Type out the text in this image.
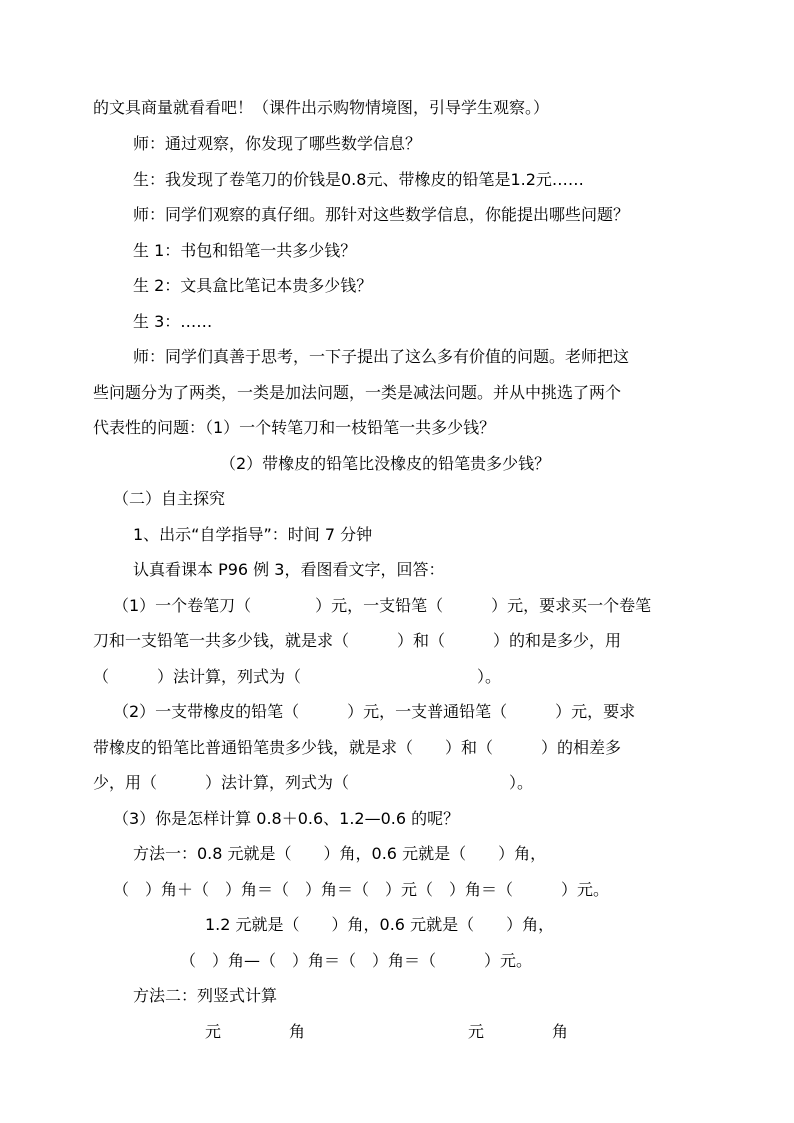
的文具商量就看看吧！（课件出示购物情境图，引导学生观察。）
师：通过观察，你发现了哪些数学信息？
生：我发现了卷笔刀的价钱是0.8元、带橡皮的铅笔是1.2元……
师：同学们观察的真仔细。那针对这些数学信息，你能提出哪些问题？
生 1：书包和铅笔一共多少钱？
生 2：文具盒比笔记本贵多少钱？
生 3：……
师：同学们真善于思考，一下子提出了这么多有价值的问题。老师把这
些问题分为了两类，一类是加法问题，一类是减法问题。并从中挑选了两个
代表性的问题：（1）一个转笔刀和一枝铅笔一共多少钱？
（2）带橡皮的铅笔比没橡皮的铅笔贵多少钱？
（二）自主探究
1、出示“自学指导”：时间 7 分钟
认真看课本 P96 例 3，看图看文字，回答：
（1）一个卷笔刀（　　　　）元，一支铅笔（　　　）元，要求买一个卷笔
刀和一支铅笔一共多少钱，就是求（　　　）和（　　　）的和是多少，用
（　　　）法计算，列式为（　　　　　　　　　　　）。
（2）一支带橡皮的铅笔（　　　）元，一支普通铅笔（　　　）元，要求
带橡皮的铅笔比普通铅笔贵多少钱，就是求（　　）和（　　　）的相差多
少，用（　　　）法计算，列式为（　　　　　　　　　　）。
（3）你是怎样计算 0.8＋0.6、1.2—0.6 的呢？
方法一：0.8 元就是（　　）角，0.6 元就是（　　）角，
（　）角＋（　）角＝（　）角＝（　）元（　）角＝（　　　）元。
1.2 元就是（　　）角，0.6 元就是（　　）角，
（　）角—（　）角＝（　）角＝（　　　）元。
方法二：列竖式计算
元	角	元	角
